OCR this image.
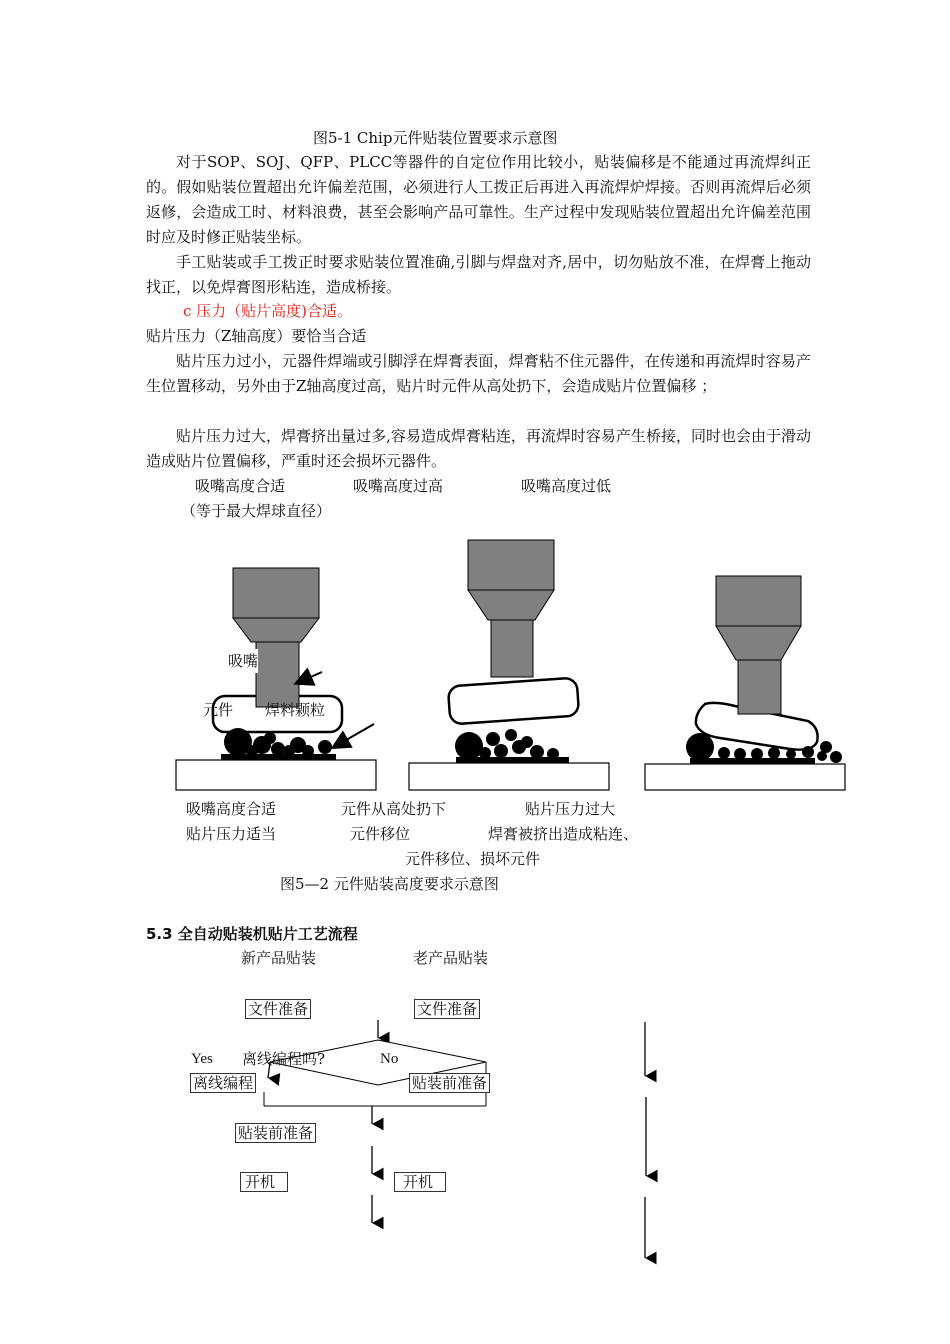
图5-1 Chip元件贴装位置要求示意图
对于SOP、SOJ、QFP、PLCC等器件的自定位作用比较小，贴装偏移是不能通过再流焊纠正的。假如贴装位置超出允许偏差范围，必须进行人工拨正后再进入再流焊炉焊接。否则再流焊后必须返修，会造成工时、材料浪费，甚至会影响产品可靠性。生产过程中发现贴装位置超出允许偏差范围时应及时修正贴装坐标。
手工贴装或手工拨正时要求贴装位置准确,引脚与焊盘对齐,居中，切勿贴放不准，在焊膏上拖动找正，以免焊膏图形粘连，造成桥接。
c 压力（贴片高度)合适。
贴片压力（Z轴高度）要恰当合适
贴片压力过小，元器件焊端或引脚浮在焊膏表面，焊膏粘不住元器件，在传递和再流焊时容易产生位置移动，另外由于Z轴高度过高，贴片时元件从高处扔下，会造成贴片位置偏移 ；
贴片压力过大，焊膏挤出量过多,容易造成焊膏粘连，再流焊时容易产生桥接，同时也会由于滑动造成贴片位置偏移，严重时还会损坏元器件。
吸嘴高度合适	吸嘴高度过高	吸嘴高度过低
（等于最大焊球直径）
吸嘴
元件 焊料颗粒
吸嘴高度合适	元件从高处扔下	贴片压力过大
贴片压力适当	元件移位	焊膏被挤出造成粘连、
元件移位、损坏元件
图5—2 元件贴装高度要求示意图
5.3 全自动贴装机贴片工艺流程
新产品贴装	老产品贴装
文件准备	文件准备
Yes 离线编程吗?	No
离线编程	贴装前准备
贴装前准备
开机	开机
